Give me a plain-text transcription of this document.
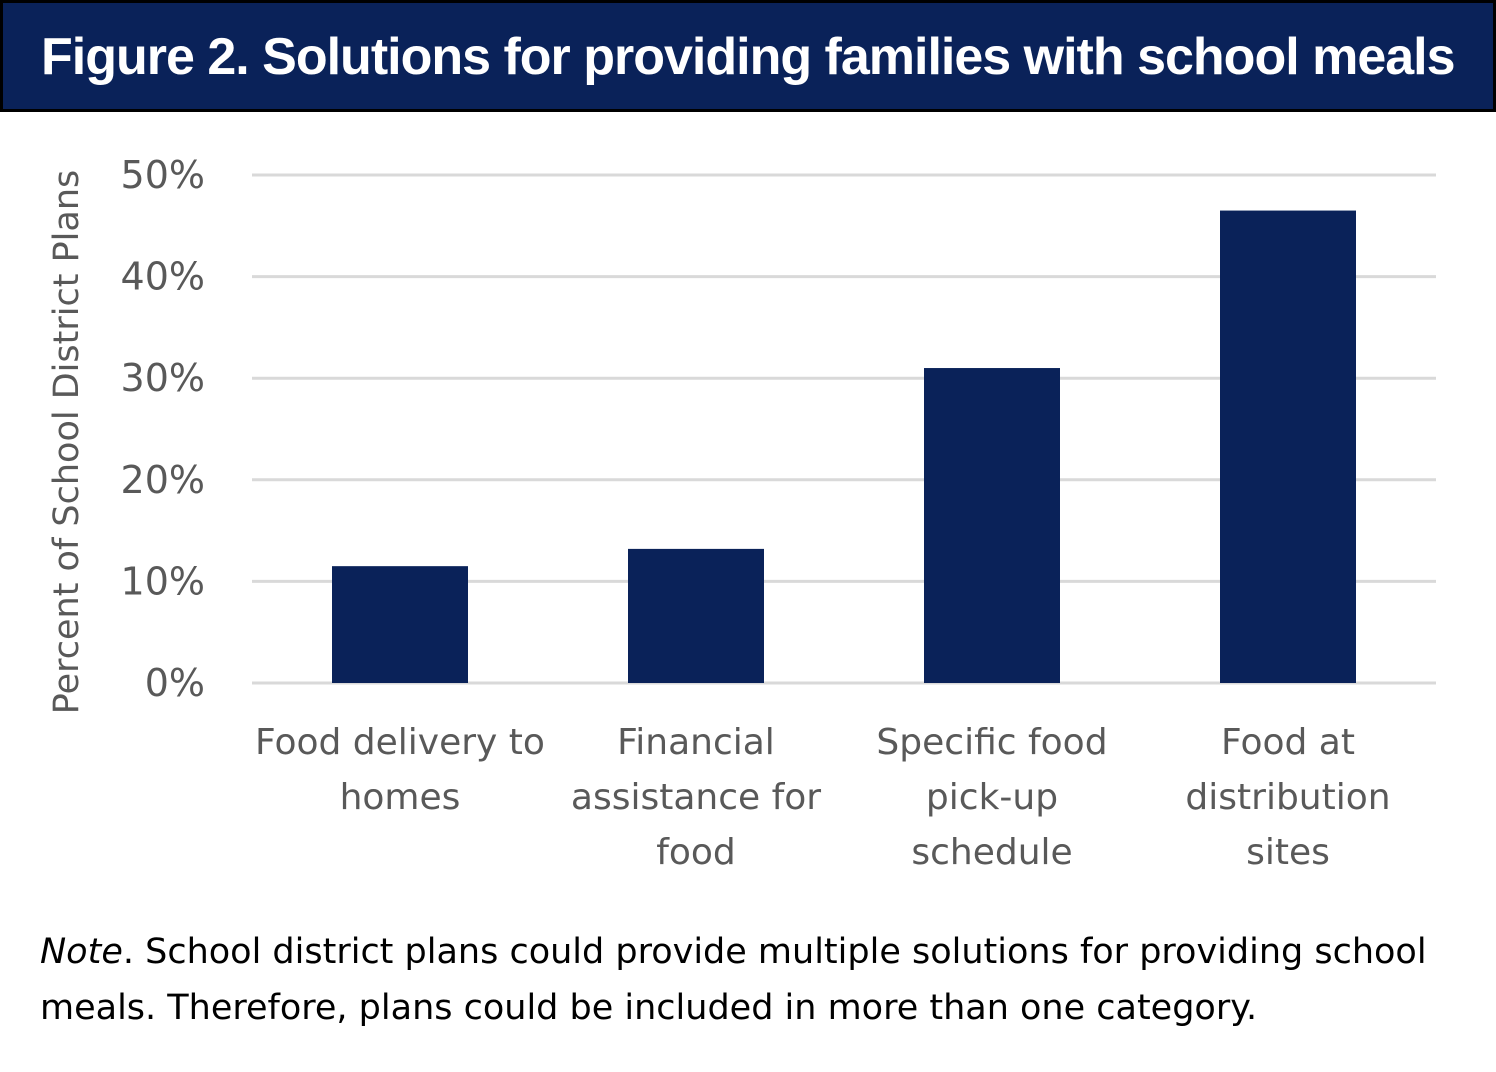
Figure 2. Solutions for providing families with school meals
0%
10%
20%
30%
40%
50%
Food delivery to homes
Financial assistance for food
Specific food pick-up schedule
Food at distribution sites
Percent of School District Plans

Note. School district plans could provide multiple solutions for providing school meals. Therefore, plans could be included in more than one category.
